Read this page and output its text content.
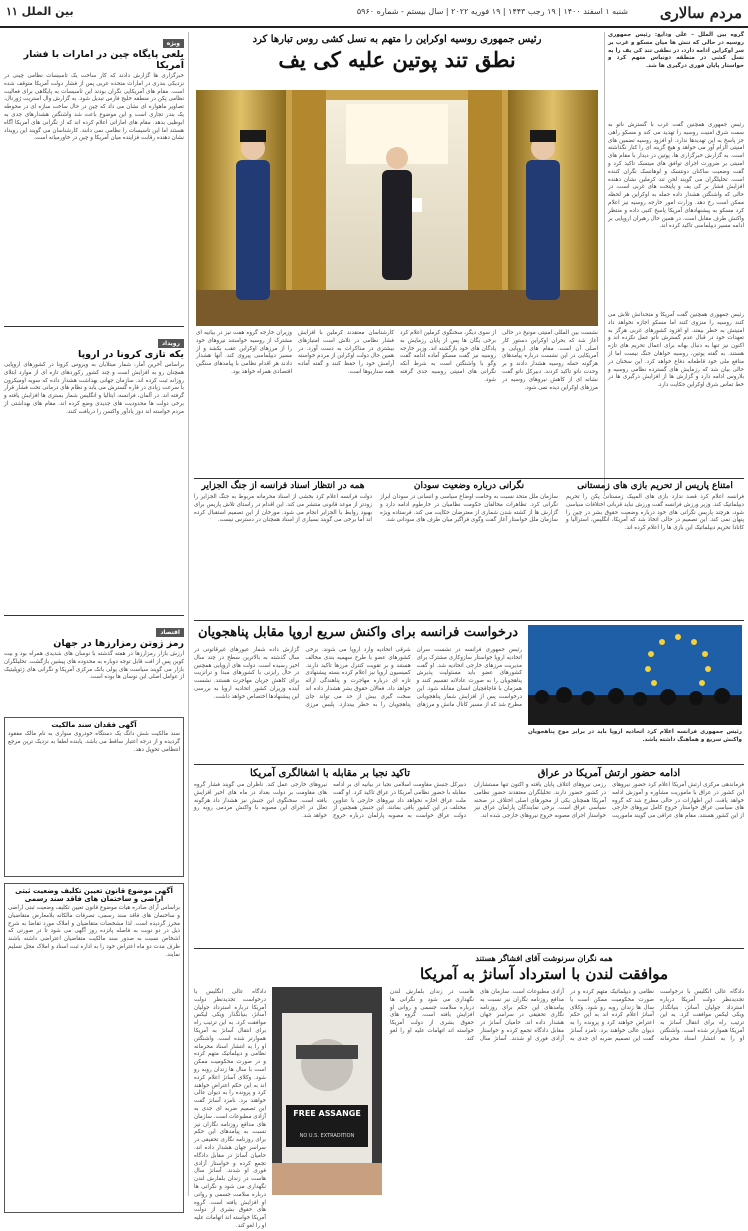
مردم سالاری
شنبه ۱ اسفند ۱۴۰۰ | ۱۹ رجب ۱۴۴۳ | ۱۹ فوریه ۲۰۲۲ | سال بیستم - شماره ۵۹۶۰
بین الملل ۱۱
ویژه
بلعی پایگاه چین در امارات با فشار آمریکا
خبرگزاری ها گزارش دادند که کار ساخت یک تاسیسات نظامی چینی در نزدیکی بندری در امارات متحده عربی پس از فشار دولت آمریکا متوقف شده است. مقام های آمریکایی نگران بودند این تاسیسات به پایگاهی برای فعالیت نظامی پکن در منطقه خلیج فارس تبدیل شود. به گزارش وال استریت ژورنال، تصاویر ماهواره ای نشان می داد که چین در حال ساخت سازه ای در محوطه یک بندر تجاری است و این موضوع باعث شد واشنگتن هشدارهای جدی به ابوظبی بدهد. مقام های اماراتی اعلام کرده اند که از نگرانی های آمریکا آگاه هستند اما این تاسیسات را نظامی نمی دانند. کارشناسان می گویند این رویداد نشان دهنده رقابت فزاینده میان آمریکا و چین در خاورمیانه است.
رویداد
یکه تازی کرونا در اروپا
براساس آخرین آمار، شمار مبتلایان به ویروس کرونا در کشورهای اروپایی همچنان رو به افزایش است و چند کشور رکوردهای تازه ای از موارد ابتلای روزانه ثبت کرده اند. سازمان جهانی بهداشت هشدار داده که سویه اومیکرون با سرعت زیادی در قاره گسترش می یابد و نظام های درمانی تحت فشار قرار گرفته اند. در آلمان، فرانسه، ایتالیا و انگلیس شمار بستری ها افزایش یافته و برخی دولت ها محدودیت های جدیدی وضع کرده اند. مقام های بهداشتی از مردم خواسته اند دوز یادآور واکسن را دریافت کنند.
اقتصاد
رمز ژوتن رمزارزها در جهان
ارزش بازار رمزارزها در هفته گذشته با نوسان های شدیدی همراه بود و بیت کوین پس از افت قابل توجه دوباره به محدوده های پیشین بازگشت. تحلیلگران بازار می گویند سیاست های پولی بانک مرکزی آمریکا و نگرانی های ژئوپلیتیک از عوامل اصلی این نوسان ها بوده است.
آگهی فقدان سند مالکیت
سند مالکیت شش دانگ یک دستگاه خودروی سواری به نام مالک مفقود گردیده و از درجه اعتبار ساقط می باشد. یابنده لطفا به نزدیک ترین مرجع انتظامی تحویل دهد.
آگهی موضوع قانون تعیین تکلیف وضعیت ثبتی اراضی و ساختمان های فاقد سند رسمی
براساس آرای صادره هیات موضوع قانون تعیین تکلیف وضعیت ثبتی اراضی و ساختمان های فاقد سند رسمی، تصرفات مالکانه بلامعارض متقاضیان محرز گردیده است. لذا مشخصات متقاضیان و املاک مورد تقاضا به شرح ذیل در دو نوبت به فاصله پانزده روز آگهی می شود تا در صورتی که اشخاص نسبت به صدور سند مالکیت متقاضیان اعتراضی داشته باشند ظرف مدت دو ماه اعتراض خود را به اداره ثبت اسناد و املاک محل تسلیم نمایند.
گروه بین الملل – علی ودایع: رئیس جمهوری روسیه در حالی که تنش ها میان مسکو و غرب بر سر اوکراین ادامه دارد، در نطقی تند کی یف را به نسل کشی در منطقه دونباس متهم کرد و خواستار پایان فوری درگیری ها شد.
رئیس جمهوری همچنین گفت غرب با گسترش ناتو به سمت شرق امنیت روسیه را تهدید می کند و مسکو راهی جز پاسخ به این تهدیدها ندارد. او افزود روسیه تضمین های امنیتی الزام آور می خواهد و هیچ گزینه ای را کنار نگذاشته است. به گزارش خبرگزاری ها، پوتین در دیدار با مقام های امنیتی بر ضرورت اجرای توافق های مینسک تاکید کرد و گفت وضعیت ساکنان دونتسک و لوهانسک نگران کننده است. تحلیلگران می گویند لحن تند کرملین نشان دهنده افزایش فشار بر کی یف و پایتخت های غربی است، در حالی که واشنگتن هشدار داده حمله به اوکراین هر لحظه ممکن است رخ دهد. وزارت امور خارجه روسیه نیز اعلام کرد مسکو به پیشنهادهای آمریکا پاسخ کتبی داده و منتظر واکنش طرف مقابل است. در همین حال رهبران اروپایی بر ادامه مسیر دیپلماسی تاکید کرده اند.
رئیس جمهوری همچنین گفت آمریکا و متحدانش تلاش می کنند روسیه را منزوی کنند اما مسکو اجازه نخواهد داد امنیتش به خطر بیفتد. او افزود کشورهای غربی هرگز به تعهدات خود در قبال عدم گسترش ناتو عمل نکرده اند و اکنون نیز تنها به دنبال بهانه برای اعمال تحریم های تازه هستند. به گفته پوتین، روسیه خواهان جنگ نیست اما از منافع ملی خود قاطعانه دفاع خواهد کرد. این سخنان در حالی بیان شد که رزمایش های گسترده نظامی روسیه و بلاروس ادامه دارد و گزارش ها از افزایش درگیری ها در خط تماس شرق اوکراین حکایت دارد.
رئیس جمهوری روسیه اوکراین را متهم به نسل کشی روس تبارها کرد
نطق تند پوتین علیه کی یف
نشست بین المللی امنیتی مونیخ در حالی آغاز شد که بحران اوکراین دستور کار اصلی آن است. مقام های اروپایی و آمریکایی در این نشست درباره پیامدهای هرگونه حمله روسیه هشدار دادند و بر وحدت ناتو تاکید کردند. دبیرکل ناتو گفت نشانه ای از کاهش نیروهای روسیه در مرزهای اوکراین دیده نمی شود.
از سوی دیگر، سخنگوی کرملین اعلام کرد برخی یگان ها پس از پایان رزمایش به پادگان های خود بازگشته اند. وزیر خارجه روسیه نیز گفت مسکو آماده ادامه گفت وگو با واشنگتن است به شرط آنکه نگرانی های امنیتی روسیه جدی گرفته شود.
کارشناسان معتقدند کرملین با افزایش فشار نظامی در تلاش است امتیازهای بیشتری در مذاکرات به دست آورد. در همین حال دولت اوکراین از مردم خواسته آرامش خود را حفظ کنند و گفته آماده همه سناریوها است.
وزیران خارجه گروه هفت نیز در بیانیه ای مشترک از روسیه خواستند نیروهای خود را از مرزهای اوکراین عقب بکشد و از مسیر دیپلماسی پیروی کند. آنها هشدار دادند هر اقدام نظامی با پیامدهای سنگین اقتصادی همراه خواهد بود.
امتناع پاریس از تحریم بازی های زمستانی
فرانسه اعلام کرد قصد ندارد بازی های المپیک زمستانی پکن را تحریم دیپلماتیک کند. وزیر ورزش فرانسه گفت ورزش نباید قربانی اختلافات سیاسی شود، هرچند پاریس نگرانی های خود درباره وضعیت حقوق بشر در چین را پنهان نمی کند. این تصمیم در حالی اتخاذ شد که آمریکا، انگلیس، استرالیا و کانادا تحریم دیپلماتیک این بازی ها را اعلام کرده اند.
نگرانی درباره وضعیت سودان
سازمان ملل متحد نسبت به وخامت اوضاع سیاسی و انسانی در سودان ابراز نگرانی کرد. تظاهرات مخالفان حکومت نظامیان در خارطوم ادامه دارد و گزارش ها از کشته شدن شماری از معترضان حکایت می کند. فرستاده ویژه سازمان ملل خواستار آغاز گفت وگوی فراگیر میان طرف های سودانی شد.
همه در انتظار اسناد فرانسه از جنگ الجزایر
دولت فرانسه اعلام کرد بخشی از اسناد محرمانه مربوط به جنگ الجزایر را زودتر از موعد قانونی منتشر می کند. این اقدام در راستای تلاش پاریس برای بهبود روابط با الجزایر انجام می شود. مورخان از این تصمیم استقبال کرده اند اما برخی می گویند بسیاری از اسناد همچنان در دسترس نیست.
درخواست فرانسه برای واکنش سریع اروپا مقابل پناهجویان
رئیس جمهوری فرانسه اعلام کرد اتحادیه اروپا باید در برابر موج پناهجویان واکنش سریع و هماهنگ داشته باشد.
رئیس جمهوری فرانسه در نشست سران اتحادیه اروپا خواستار سازوکاری مشترک برای مدیریت مرزهای خارجی اتحادیه شد. او گفت کشورهای عضو باید مسئولیت پذیرش پناهجویان را به صورت عادلانه تقسیم کنند و همزمان با قاچاقچیان انسان مقابله شود. این درخواست پس از افزایش شمار پناهجویانی مطرح شد که از مسیر کانال مانش و مرزهای شرقی اتحادیه وارد اروپا می شوند. برخی کشورهای عضو با طرح سهمیه بندی مخالف هستند و بر تقویت کنترل مرزها تاکید دارند. کمیسیون اروپا نیز اعلام کرده بسته پیشنهادی تازه ای درباره مهاجرت و پناهندگی ارائه خواهد داد. فعالان حقوق بشر هشدار داده اند سخت گیری بیش از حد می تواند جان پناهجویان را به خطر بیندازد. پلیس مرزی گزارش داده شمار عبورهای غیرقانونی در سال گذشته به بالاترین سطح در چند سال اخیر رسیده است. دولت های اروپایی همچنین در حال رایزنی با کشورهای مبدا و ترانزیت برای کاهش جریان مهاجرت هستند. نشست آینده وزیران کشور اتحادیه اروپا به بررسی این پیشنهادها اختصاص خواهد داشت.
ادامه حضور ارتش آمریکا در عراق
فرماندهی مرکزی ارتش آمریکا اعلام کرد حضور نیروهای این کشور در عراق با ماموریت مشاوره و آموزش ادامه خواهد یافت. این اظهارات در حالی مطرح شد که گروه های سیاسی عراق خواستار خروج کامل نیروهای خارجی از این کشور هستند. مقام های عراقی می گویند ماموریت رزمی نیروهای ائتلاف پایان یافته و اکنون تنها مستشاران در کشور حضور دارند. تحلیلگران معتقدند حضور نظامی آمریکا همچنان یکی از محورهای اصلی اختلاف در صحنه سیاسی عراق است. برخی نمایندگان پارلمان عراق نیز خواستار اجرای مصوبه خروج نیروهای خارجی شده اند.
تاکید نجبا بر مقابله با اشغالگری آمریکا
دبیرکل جنبش مقاومت اسلامی نجبا در بیانیه ای بر ادامه مقابله با حضور نظامی آمریکا در عراق تاکید کرد. او گفت ملت عراق اجازه نخواهد داد نیروهای خارجی با عناوین مختلف در این کشور باقی بمانند. این جنبش همچنین از دولت عراق خواست به مصوبه پارلمان درباره خروج نیروهای خارجی عمل کند. ناظران می گویند فشار گروه های مقاومت بر دولت بغداد در ماه های اخیر افزایش یافته است. سخنگوی این جنبش نیز هشدار داد هرگونه تعلل در اجرای این مصوبه با واکنش مردمی روبه رو خواهد شد.
همه نگران سرنوشت آقای افشاگر هستند
موافقت لندن با استرداد آسانژ به آمریکا
FREE ASSANGE
NO U.S. EXTRADITION
دادگاه عالی انگلیس با درخواست تجدیدنظر دولت آمریکا درباره استرداد جولیان آسانژ، بنیانگذار ویکی لیکس موافقت کرد. به این ترتیب راه برای انتقال آسانژ به آمریکا هموارتر شده است. واشنگتن او را به انتشار اسناد محرمانه نظامی و دیپلماتیک متهم کرده و در صورت محکومیت ممکن است با سال ها زندان روبه رو شود. وکلای آسانژ اعلام کرده اند به این حکم اعتراض خواهند کرد و پرونده را به دیوان عالی خواهند برد. نامزد آسانژ گفت این تصمیم ضربه ای جدی به آزادی مطبوعات است. سازمان های مدافع روزنامه نگاران نیز نسبت به پیامدهای این حکم برای روزنامه نگاری تحقیقی در سراسر جهان هشدار داده اند. حامیان آسانژ در مقابل دادگاه تجمع کرده و خواستار آزادی فوری او شدند. آسانژ سال هاست در زندان بلمارش لندن نگهداری می شود و نگرانی ها درباره سلامت جسمی و روانی او افزایش یافته است. گروه های حقوق بشری از دولت آمریکا خواسته اند اتهامات علیه او را لغو کند.
دادگاه عالی انگلیس با درخواست تجدیدنظر دولت آمریکا درباره استرداد جولیان آسانژ، بنیانگذار ویکی لیکس موافقت کرد. به این ترتیب راه برای انتقال آسانژ به آمریکا هموارتر شده است. واشنگتن او را به انتشار اسناد محرمانه نظامی و دیپلماتیک متهم کرده و در صورت محکومیت ممکن است با سال ها زندان روبه رو شود. وکلای آسانژ اعلام کرده اند به این حکم اعتراض خواهند کرد و پرونده را به دیوان عالی خواهند برد. نامزد آسانژ گفت این تصمیم ضربه ای جدی به آزادی مطبوعات است. سازمان های مدافع روزنامه نگاران نیز نسبت به پیامدهای این حکم برای روزنامه نگاری تحقیقی در سراسر جهان هشدار داده اند. حامیان آسانژ در مقابل دادگاه تجمع کرده و خواستار آزادی فوری او شدند. آسانژ سال هاست در زندان بلمارش لندن نگهداری می شود و نگرانی ها درباره سلامت جسمی و روانی او افزایش یافته است. گروه های حقوق بشری از دولت آمریکا خواسته اند اتهامات علیه او را لغو کند.
